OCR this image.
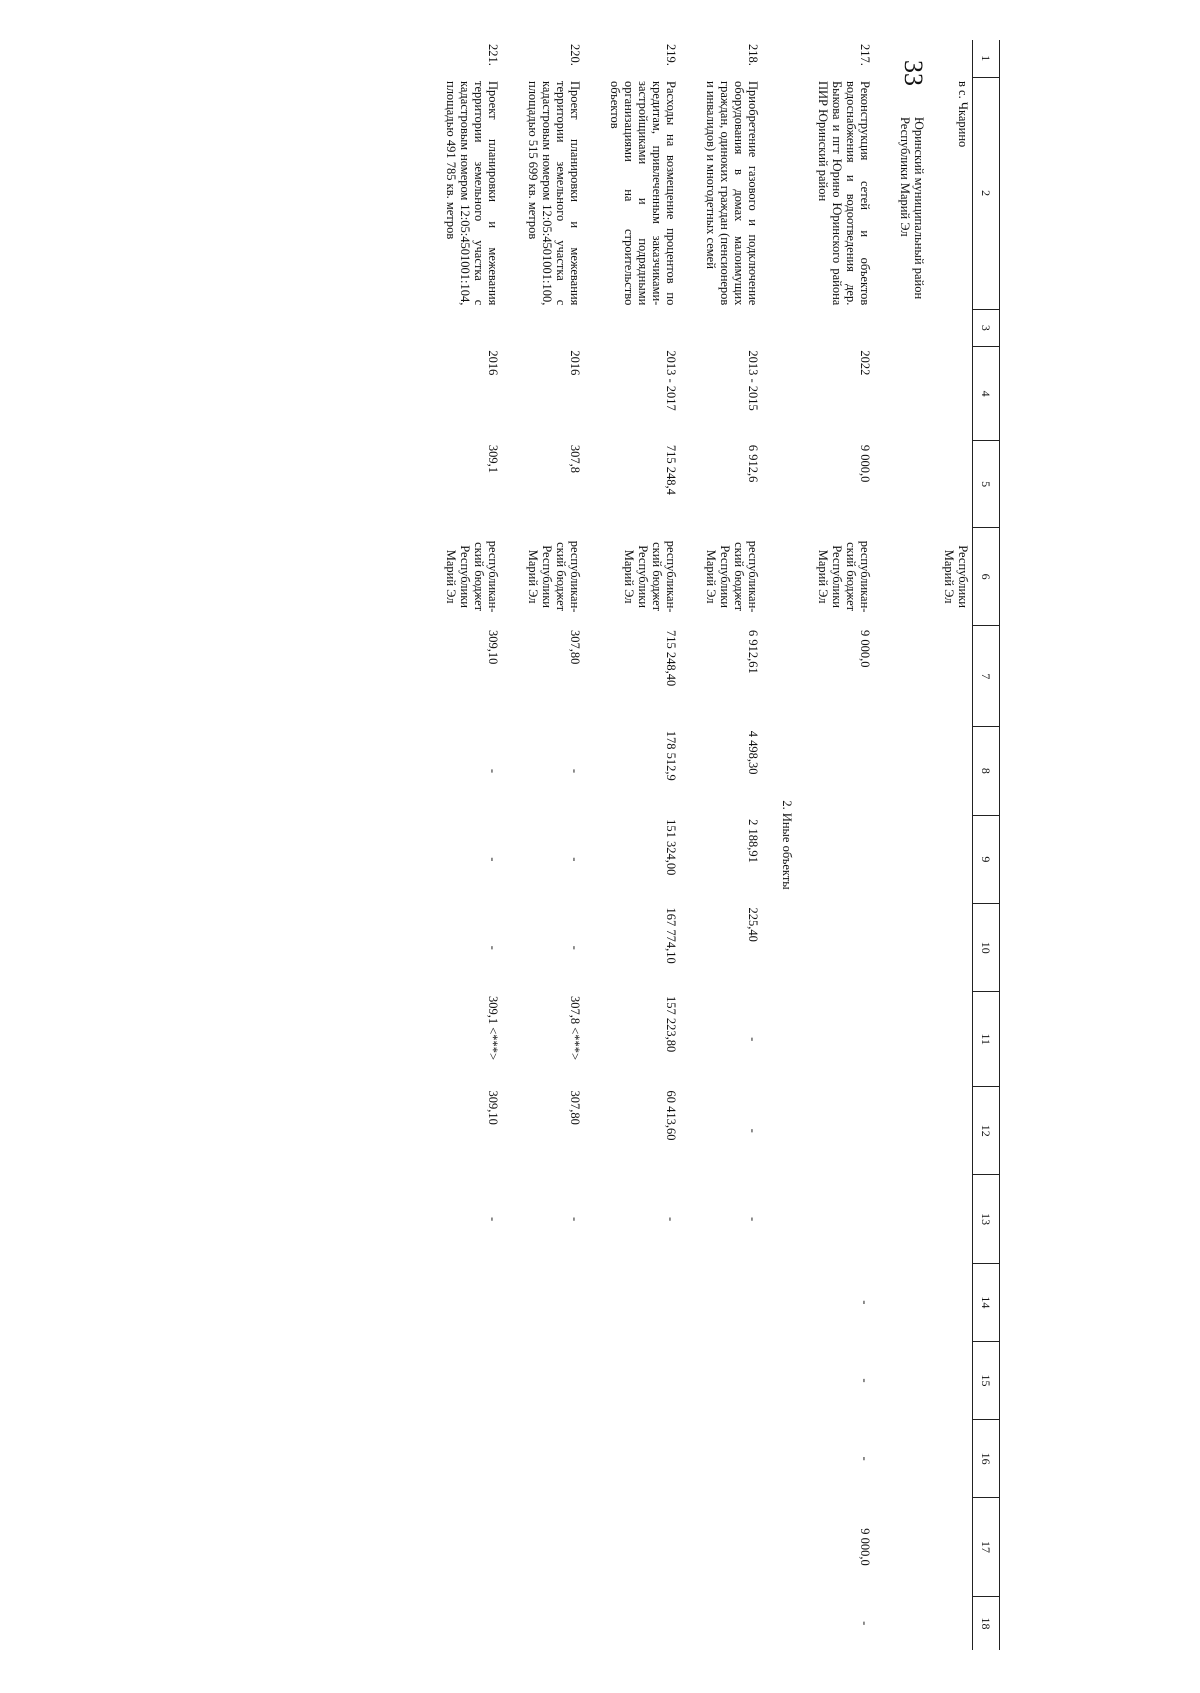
33
1	2	3	4	5	6	7	8	9	10	11	12	13	14	15	16	17	18
	в с. Чкарино				Республики Марий Эл												
	Юринский муниципальный район Республики Марий Эл																
217.	Реконструкция сетей и объектов водоснабжения и водоотведения дер. Быкова и пгт Юрино Юринского района ПИР Юринский район		2022	9 000,0	республикан-ский бюджет Республики Марий Эл	9 000,0							-	-	-	9 000,0	-
2. Иные объекты																	
218.	Приобретение газового и подключение оборудования в домах малоимущих граждан, одиноких граждан (пенсионеров и инвалидов) и многодетных семей		2013 - 2015	6 912,6	республикан-ский бюджет Республики Марий Эл	6 912,61	4 498,30	2 188,91	225,40	-	-	-					
219.	Расходы на возмещение процентов по кредитам, привлеченным заказчиками-застройщиками и подрядными организациями на строительство объектов		2013 - 2017	715 248,4	республикан-ский бюджет Республики Марий Эл	715 248,40	178 512,9	151 324,00	167 774,10	157 223,80	60 413,60	-					
220.	Проект планировки и межевания территории земельного участка с кадастровым номером 12:05:4501001:100, площадью 515 699 кв. метров		2016	307,8	республикан-ский бюджет Республики Марий Эл	307,80	-	-	-	307,8 <***>	307,80	-					
221.	Проект планировки и межевания территории земельного участка с кадастровым номером 12:05:4501001:104, площадью 491 785 кв. метров		2016	309,1	республикан-ский бюджет Республики Марий Эл	309,10	-	-	-	309,1 <***>	309,10	-					
